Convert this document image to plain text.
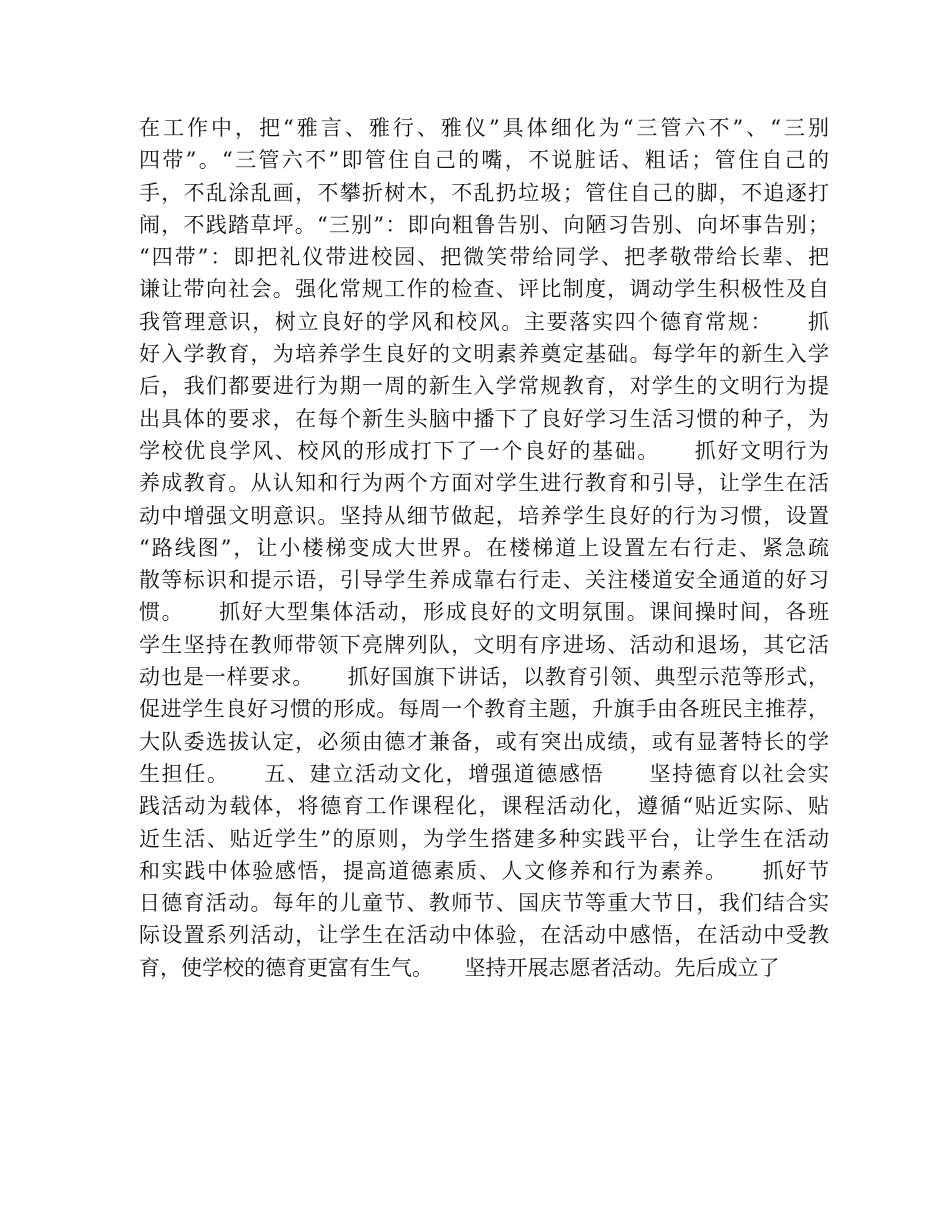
在工作中，把“雅言、雅行、雅仪”具体细化为“三管六不”、“三别
四带”。“三管六不”即管住自己的嘴，不说脏话、粗话；管住自己的
手，不乱涂乱画，不攀折树木，不乱扔垃圾；管住自己的脚，不追逐打
闹，不践踏草坪。“三别”：即向粗鲁告别、向陋习告别、向坏事告别；
“四带”：即把礼仪带进校园、把微笑带给同学、把孝敬带给长辈、把
谦让带向社会。强化常规工作的检查、评比制度，调动学生积极性及自
我管理意识，树立良好的学风和校风。主要落实四个德育常规：　　抓
好入学教育，为培养学生良好的文明素养奠定基础。每学年的新生入学
后，我们都要进行为期一周的新生入学常规教育，对学生的文明行为提
出具体的要求，在每个新生头脑中播下了良好学习生活习惯的种子，为
学校优良学风、校风的形成打下了一个良好的基础。　　抓好文明行为
养成教育。从认知和行为两个方面对学生进行教育和引导，让学生在活
动中增强文明意识。坚持从细节做起，培养学生良好的行为习惯，设置
“路线图”，让小楼梯变成大世界。在楼梯道上设置左右行走、紧急疏
散等标识和提示语，引导学生养成靠右行走、关注楼道安全通道的好习
惯。　　抓好大型集体活动，形成良好的文明氛围。课间操时间，各班
学生坚持在教师带领下亮牌列队，文明有序进场、活动和退场，其它活
动也是一样要求。　　抓好国旗下讲话，以教育引领、典型示范等形式，
促进学生良好习惯的形成。每周一个教育主题，升旗手由各班民主推荐，
大队委选拔认定，必须由德才兼备，或有突出成绩，或有显著特长的学
生担任。　　五、建立活动文化，增强道德感悟　　坚持德育以社会实
践活动为载体，将德育工作课程化，课程活动化，遵循“贴近实际、贴
近生活、贴近学生”的原则，为学生搭建多种实践平台，让学生在活动
和实践中体验感悟，提高道德素质、人文修养和行为素养。　　抓好节
日德育活动。每年的儿童节、教师节、国庆节等重大节日，我们结合实
际设置系列活动，让学生在活动中体验，在活动中感悟，在活动中受教
育，使学校的德育更富有生气。　　坚持开展志愿者活动。先后成立了
